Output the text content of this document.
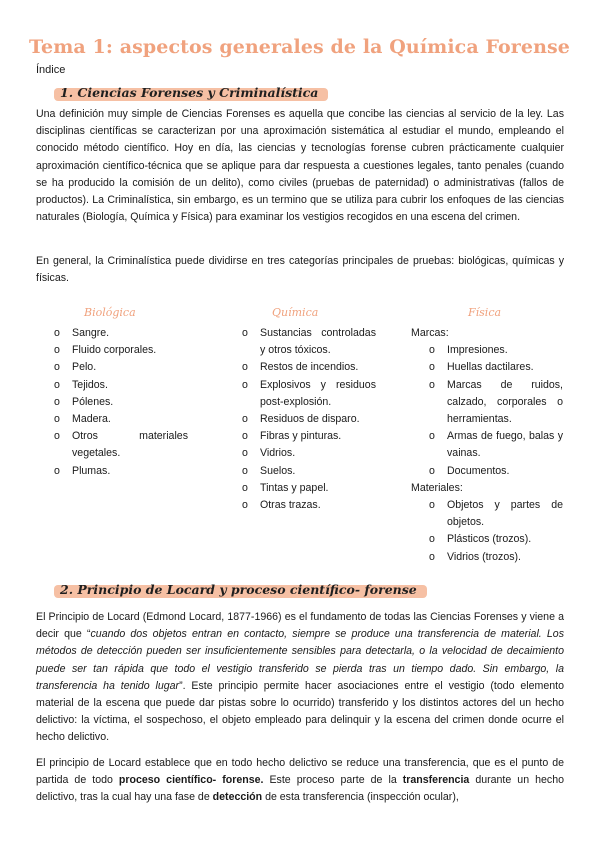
Tema 1: aspectos generales de la Química Forense
Índice
1. Ciencias Forenses y Criminalística

Una definición muy simple de Ciencias Forenses es aquella que concibe las ciencias al servicio de la ley. Las disciplinas científicas se caracterizan por una aproximación sistemática al estudiar el mundo, empleando el conocido método científico. Hoy en día, las ciencias y tecnologías forense cubren prácticamente cualquier aproximación científico-técnica que se aplique para dar respuesta a cuestiones legales, tanto penales (cuando se ha producido la comisión de un delito), como civiles (pruebas de paternidad) o administrativas (fallos de productos). La Criminalística, sin embargo, es un termino que se utiliza para cubrir los enfoques de las ciencias naturales (Biología, Química y Física) para examinar los vestigios recogidos en una escena del crimen.

En general, la Criminalística puede dividirse en tres categorías principales de pruebas: biológicas, químicas y físicas.

Biológica	Química	Física
o Sangre.
o Fluido corporales.
o Pelo.
o Tejidos.
o Pólenes.
o Madera.
o Otros materiales vegetales.
o Plumas.
o Sustancias controladas y otros tóxicos.
o Restos de incendios.
o Explosivos y residuos post-explosión.
o Residuos de disparo.
o Fibras y pinturas.
o Vidrios.
o Suelos.
o Tintas y papel.
o Otras trazas.
Marcas:
o Impresiones.
o Huellas dactilares.
o Marcas de ruidos, calzado, corporales o herramientas.
o Armas de fuego, balas y vainas.
o Documentos.
Materiales:
o Objetos y partes de objetos.
o Plásticos (trozos).
o Vidrios (trozos).
2. Principio de Locard y proceso científico- forense

El Principio de Locard (Edmond Locard, 1877-1966) es el fundamento de todas las Ciencias Forenses y viene a decir que “cuando dos objetos entran en contacto, siempre se produce una transferencia de material. Los métodos de detección pueden ser insuficientemente sensibles para detectarla, o la velocidad de decaimiento puede ser tan rápida que todo el vestigio transferido se pierda tras un tiempo dado. Sin embargo, la transferencia ha tenido lugar”. Este principio permite hacer asociaciones entre el vestigio (todo elemento material de la escena que puede dar pistas sobre lo ocurrido) transferido y los distintos actores del un hecho delictivo: la víctima, el sospechoso, el objeto empleado para delinquir y la escena del crimen donde ocurre el hecho delictivo.

El principio de Locard establece que en todo hecho delictivo se reduce una transferencia, que es el punto de partida de todo proceso científico- forense. Este proceso parte de la transferencia durante un hecho delictivo, tras la cual hay una fase de detección de esta transferencia (inspección ocular),
